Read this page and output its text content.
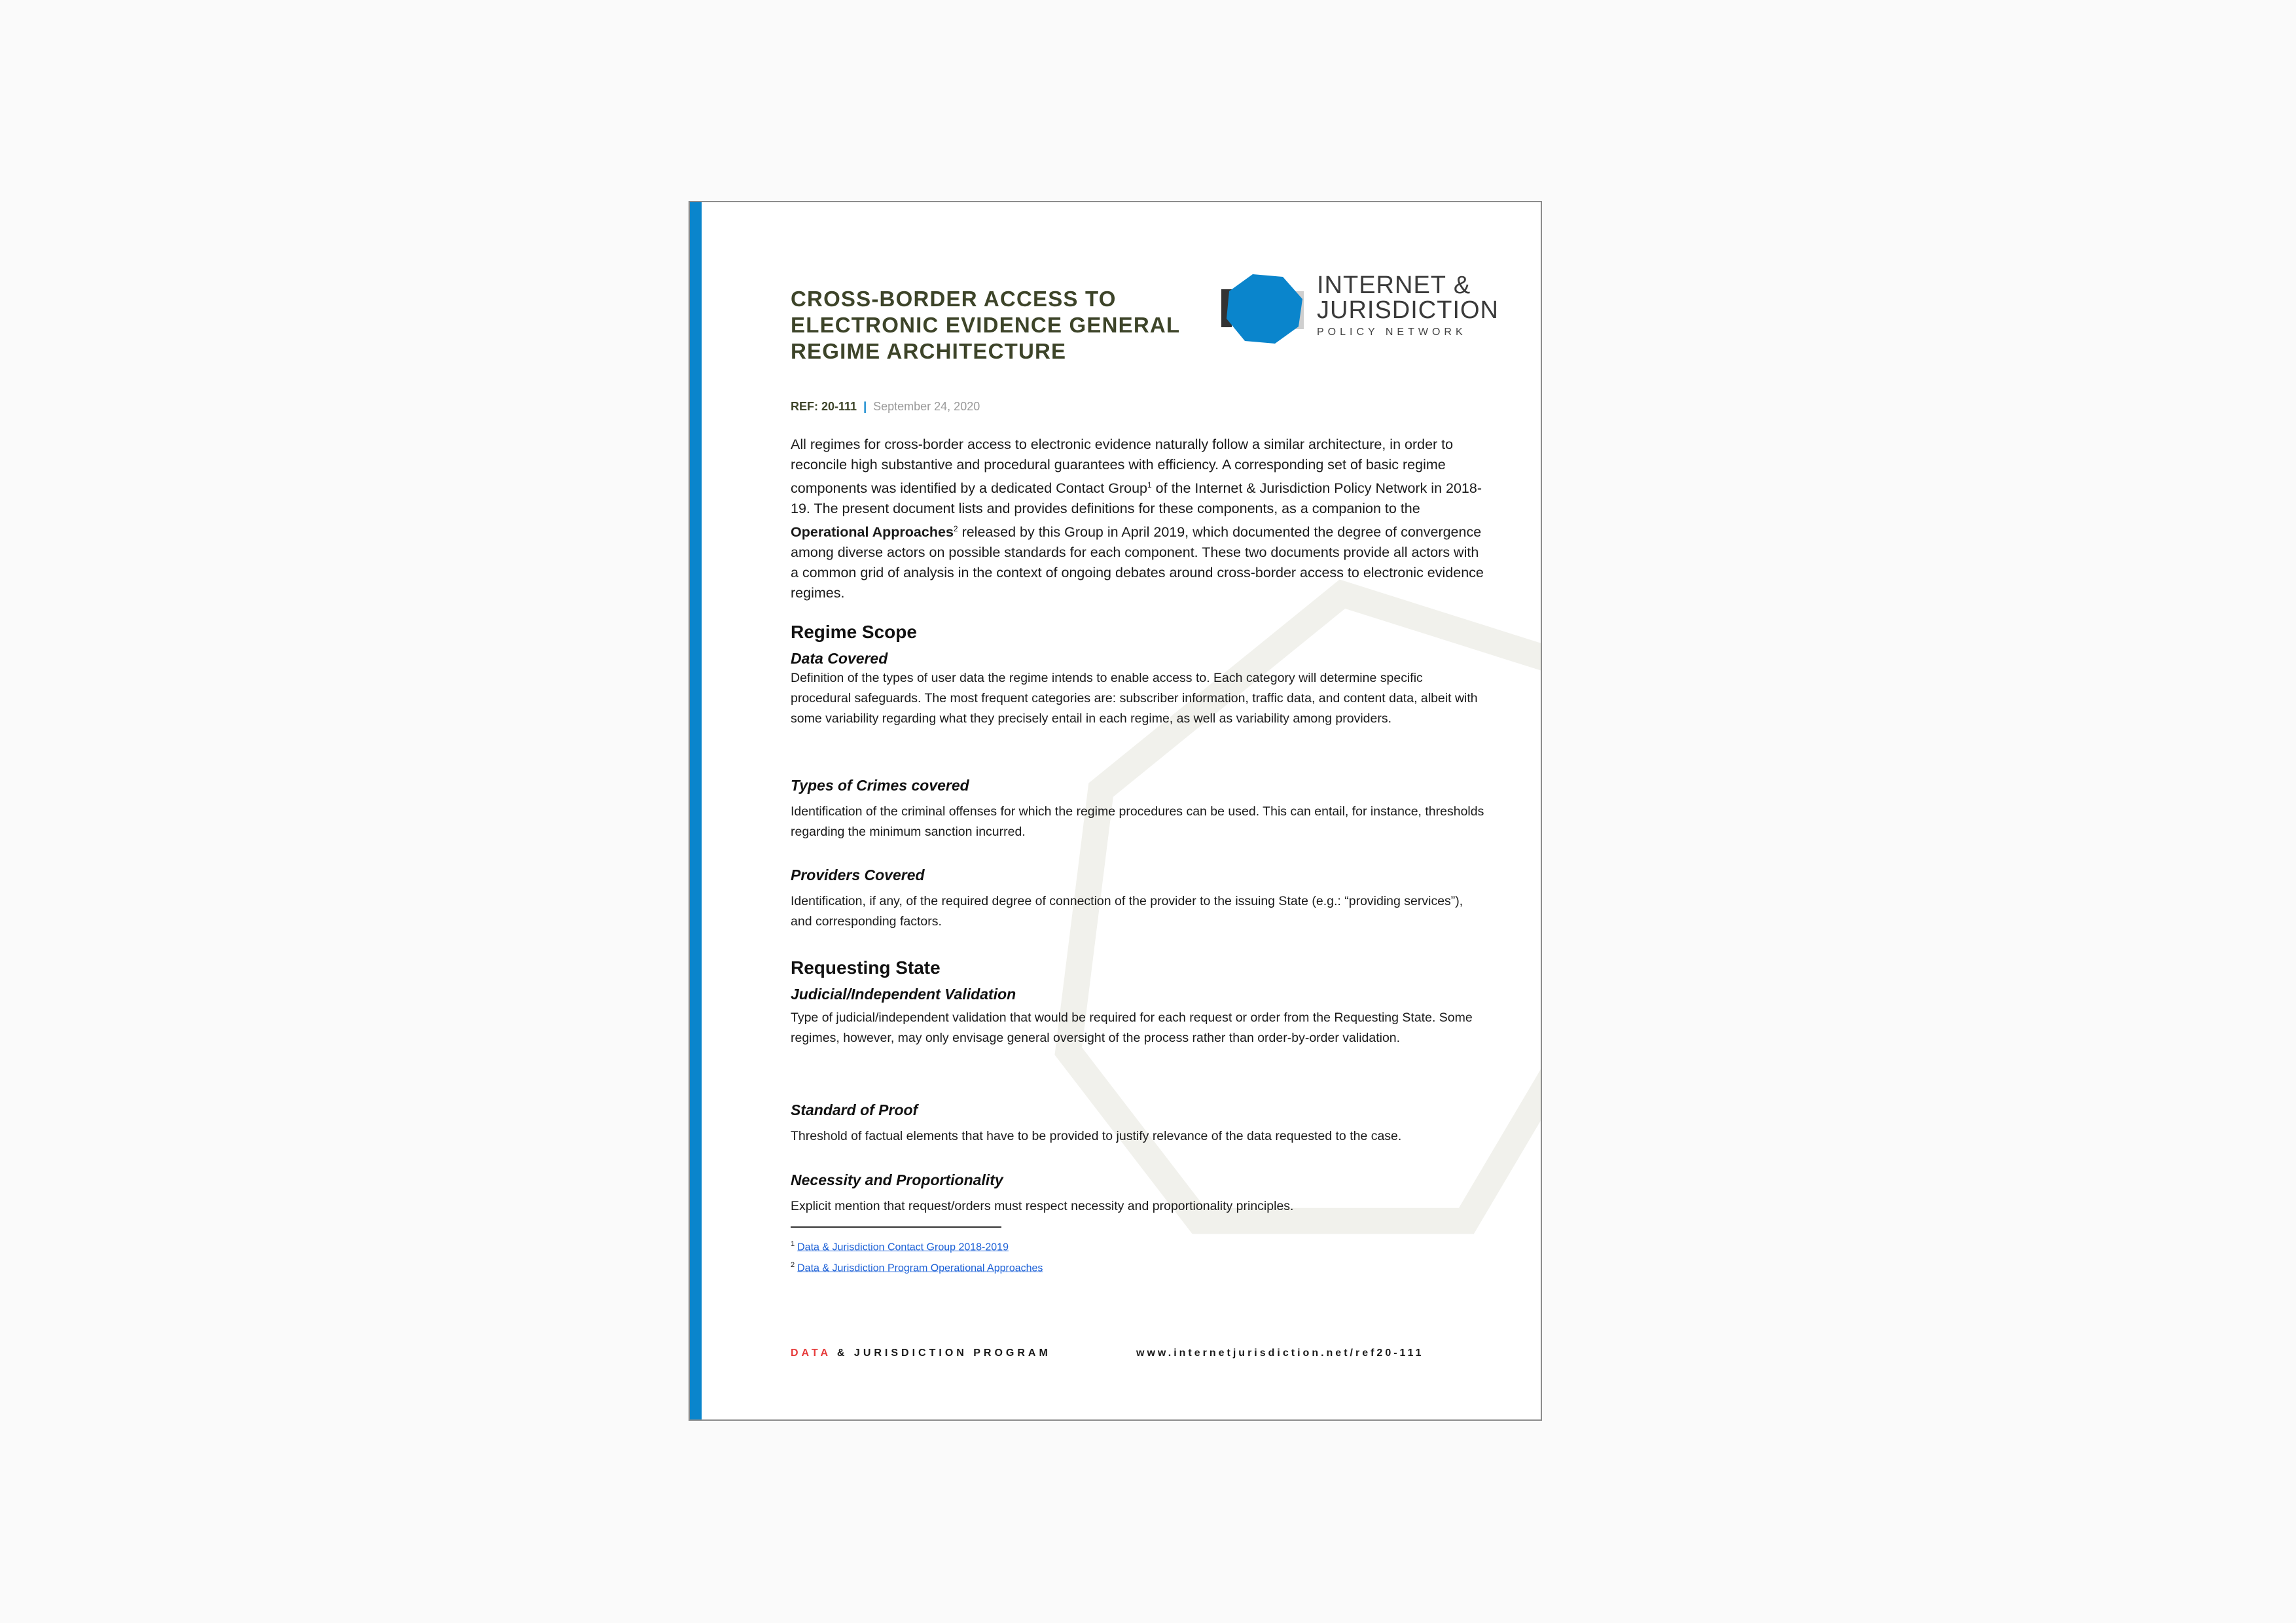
CROSS-BORDER ACCESS TO ELECTRONIC EVIDENCE GENERAL REGIME ARCHITECTURE
INTERNET &
JURISDICTION
POLICY NETWORK
REF: 20-111 | September 24, 2020

All regimes for cross-border access to electronic evidence naturally follow a similar architecture, in order to reconcile high substantive and procedural guarantees with efficiency. A corresponding set of basic regime components was identified by a dedicated Contact Group$^1$ of the Internet & Jurisdiction Policy Network in 2018-19. The present document lists and provides definitions for these components, as a companion to the Operational Approaches$^2$ released by this Group in April 2019, which documented the degree of convergence among diverse actors on possible standards for each component. These two documents provide all actors with a common grid of analysis in the context of ongoing debates around cross-border access to electronic evidence regimes.

Regime Scope
Data Covered

Definition of the types of user data the regime intends to enable access to. Each category will determine specific procedural safeguards. The most frequent categories are: subscriber information, traffic data, and content data, albeit with some variability regarding what they precisely entail in each regime, as well as variability among providers.

Types of Crimes covered

Identification of the criminal offenses for which the regime procedures can be used. This can entail, for instance, thresholds regarding the minimum sanction incurred.

Providers Covered

Identification, if any, of the required degree of connection of the provider to the issuing State (e.g.: “providing services”), and corresponding factors.

Requesting State
Judicial/Independent Validation

Type of judicial/independent validation that would be required for each request or order from the Requesting State. Some regimes, however, may only envisage general oversight of the process rather than order-by-order validation.

Standard of Proof

Threshold of factual elements that have to be provided to justify relevance of the data requested to the case.

Necessity and Proportionality

Explicit mention that request/orders must respect necessity and proportionality principles.

$^1$ Data & Jurisdiction Contact Group 2018-2019
$^2$ Data & Jurisdiction Program Operational Approaches
DATA & JURISDICTION PROGRAM	www.internetjurisdiction.net/ref20-111
